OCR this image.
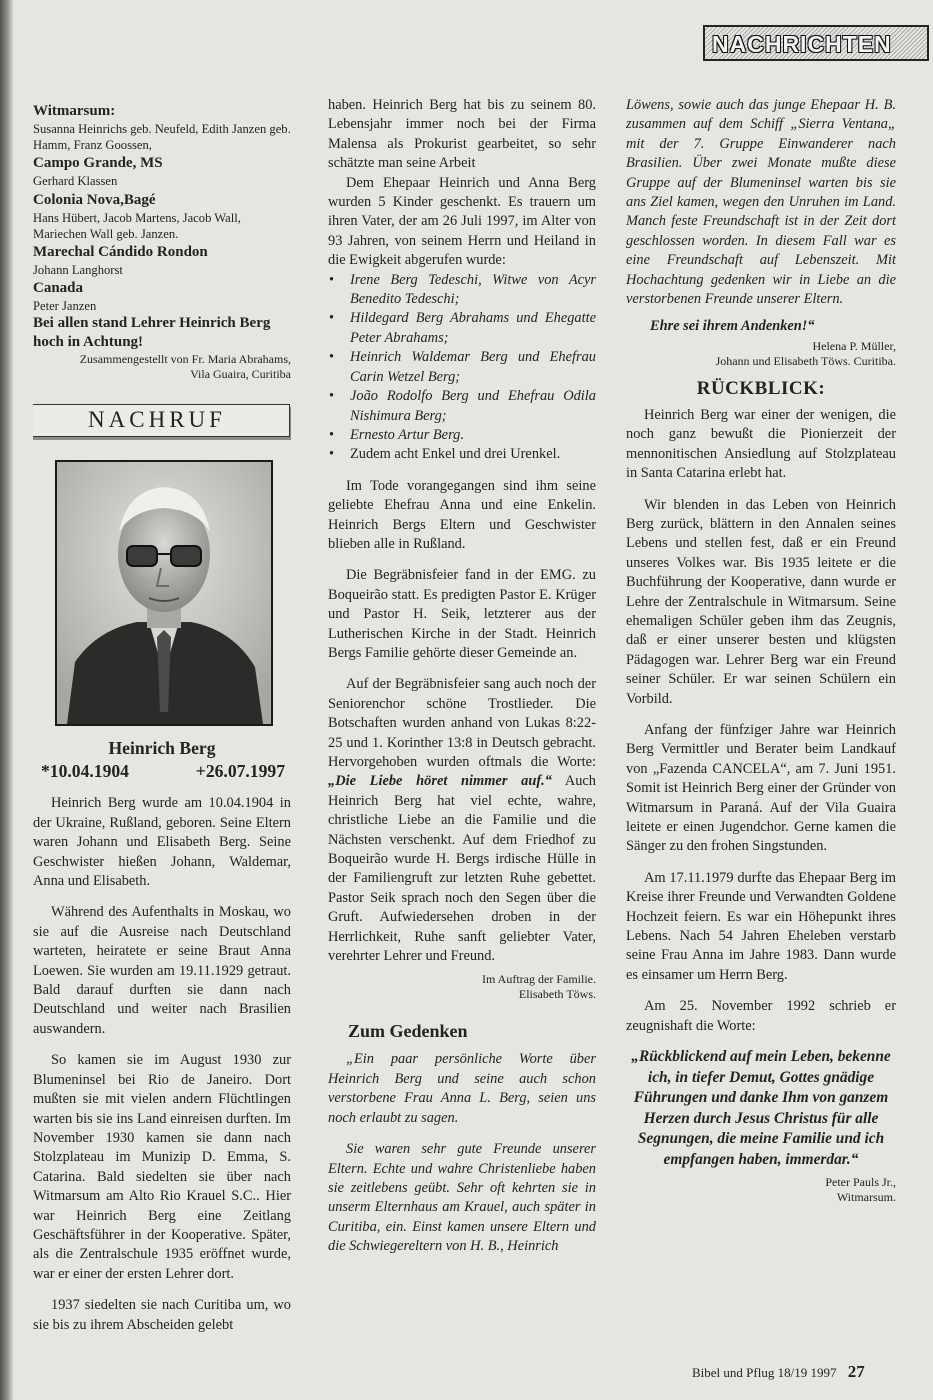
NACHRICHTEN
Witmarsum:
Susanna Heinrichs geb. Neufeld, Edith Janzen geb. Hamm, Franz Goossen,
Campo Grande, MS
Gerhard Klassen
Colonia Nova,Bagé
Hans Hübert, Jacob Martens, Jacob Wall, Mariechen Wall geb. Janzen.
Marechal Cándido Rondon
Johann Langhorst
Canada
Peter Janzen
Bei allen stand Lehrer Heinrich Berg hoch in Achtung!
Zusammengestellt von Fr. Maria Abrahams,
Vila Guaira, Curitiba
NACHRUF
Heinrich Berg
*10.04.1904	+26.07.1997

Heinrich Berg wurde am 10.04.1904 in der Ukraine, Rußland, geboren. Seine Eltern waren Johann und Elisabeth Berg. Seine Geschwister hießen Johann, Waldemar, Anna und Elisabeth.

Während des Aufenthalts in Moskau, wo sie auf die Ausreise nach Deutschland warteten, heiratete er seine Braut Anna Loewen. Sie wurden am 19.11.1929 getraut. Bald darauf durften sie dann nach Deutschland und weiter nach Brasilien auswandern.

So kamen sie im August 1930 zur Blumeninsel bei Rio de Janeiro. Dort mußten sie mit vielen andern Flüchtlingen warten bis sie ins Land einreisen durften. Im November 1930 kamen sie dann nach Stolzplateau im Munizip D. Emma, S. Catarina. Bald siedelten sie über nach Witmarsum am Alto Rio Krauel S.C.. Hier war Heinrich Berg eine Zeitlang Geschäftsführer in der Kooperative. Später, als die Zentralschule 1935 eröffnet wurde, war er einer der ersten Lehrer dort.

1937 siedelten sie nach Curitiba um, wo sie bis zu ihrem Abscheiden gelebt

haben. Heinrich Berg hat bis zu seinem 80. Lebensjahr immer noch bei der Firma Malensa als Prokurist gearbeitet, so sehr schätzte man seine Arbeit

Dem Ehepaar Heinrich und Anna Berg wurden 5 Kinder geschenkt. Es trauern um ihren Vater, der am 26 Juli 1997, im Alter von 93 Jahren, von seinem Herrn und Heiland in die Ewigkeit abgerufen wurde:

• Irene Berg Tedeschi, Witwe von Acyr Benedito Tedeschi;
• Hildegard Berg Abrahams und Ehegatte Peter Abrahams;
• Heinrich Waldemar Berg und Ehefrau Carin Wetzel Berg;
• João Rodolfo Berg und Ehefrau Odila Nishimura Berg;
• Ernesto Artur Berg.
• Zudem acht Enkel und drei Urenkel.

Im Tode vorangegangen sind ihm seine geliebte Ehefrau Anna und eine Enkelin. Heinrich Bergs Eltern und Geschwister blieben alle in Rußland.

Die Begräbnisfeier fand in der EMG. zu Boqueirão statt. Es predigten Pastor E. Krüger und Pastor H. Seik, letzterer aus der Lutherischen Kirche in der Stadt. Heinrich Bergs Familie gehörte dieser Gemeinde an.

Auf der Begräbnisfeier sang auch noch der Seniorenchor schöne Trostlieder. Die Botschaften wurden anhand von Lukas 8:22-25 und 1. Korinther 13:8 in Deutsch gebracht. Hervorgehoben wurden oftmals die Worte: „Die Liebe höret nimmer auf.“ Auch Heinrich Berg hat viel echte, wahre, christliche Liebe an die Familie und die Nächsten verschenkt. Auf dem Friedhof zu Boqueirão wurde H. Bergs irdische Hülle in der Familiengruft zur letzten Ruhe gebettet. Pastor Seik sprach noch den Segen über die Gruft. Aufwiedersehen droben in der Herrlichkeit, Ruhe sanft geliebter Vater, verehrter Lehrer und Freund.

Im Auftrag der Familie.
Elisabeth Töws.
Zum Gedenken

„Ein paar persönliche Worte über Heinrich Berg und seine auch schon verstorbene Frau Anna L. Berg, seien uns noch erlaubt zu sagen.

Sie waren sehr gute Freunde unserer Eltern. Echte und wahre Christenliebe haben sie zeitlebens geübt. Sehr oft kehrten sie in unserm Elternhaus am Krauel, auch später in Curitiba, ein. Einst kamen unsere Eltern und die Schwiegereltern von H. B., Heinrich

Löwens, sowie auch das junge Ehepaar H. B. zusammen auf dem Schiff „Sierra Ventana„ mit der 7. Gruppe Einwanderer nach Brasilien. Über zwei Monate mußte diese Gruppe auf der Blumeninsel warten bis sie ans Ziel kamen, wegen den Unruhen im Land. Manch feste Freundschaft ist in der Zeit dort geschlossen worden. In diesem Fall war es eine Freundschaft auf Lebenszeit. Mit Hochachtung gedenken wir in Liebe an die verstorbenen Freunde unserer Eltern.

Ehre sei ihrem Andenken!“

Helena P. Müller,
Johann und Elisabeth Töws. Curitiba.
RÜCKBLICK:

Heinrich Berg war einer der wenigen, die noch ganz bewußt die Pionierzeit der mennonitischen Ansiedlung auf Stolzplateau in Santa Catarina erlebt hat.

Wir blenden in das Leben von Heinrich Berg zurück, blättern in den Annalen seines Lebens und stellen fest, daß er ein Freund unseres Volkes war. Bis 1935 leitete er die Buchführung der Kooperative, dann wurde er Lehre der Zentralschule in Witmarsum. Seine ehemaligen Schüler geben ihm das Zeugnis, daß er einer unserer besten und klügsten Pädagogen war. Lehrer Berg war ein Freund seiner Schüler. Er war seinen Schülern ein Vorbild.

Anfang der fünfziger Jahre war Heinrich Berg Vermittler und Berater beim Landkauf von „Fazenda CANCELA“, am 7. Juni 1951. Somit ist Heinrich Berg einer der Gründer von Witmarsum in Paraná. Auf der Vila Guaira leitete er einen Jugendchor. Gerne kamen die Sänger zu den frohen Singstunden.

Am 17.11.1979 durfte das Ehepaar Berg im Kreise ihrer Freunde und Verwandten Goldene Hochzeit feiern. Es war ein Höhepunkt ihres Lebens. Nach 54 Jahren Eheleben verstarb seine Frau Anna im Jahre 1983. Dann wurde es einsamer um Herrn Berg.

Am 25. November 1992 schrieb er zeugnishaft die Worte:

„Rückblickend auf mein Leben, bekenne ich, in tiefer Demut, Gottes gnädige Führungen und danke Ihm von ganzem Herzen durch Jesus Christus für alle Segnungen, die meine Familie und ich empfangen haben, immerdar.“
Peter Pauls Jr.,
Witmarsum.
Bibel und Pflug 18/19 1997 27
